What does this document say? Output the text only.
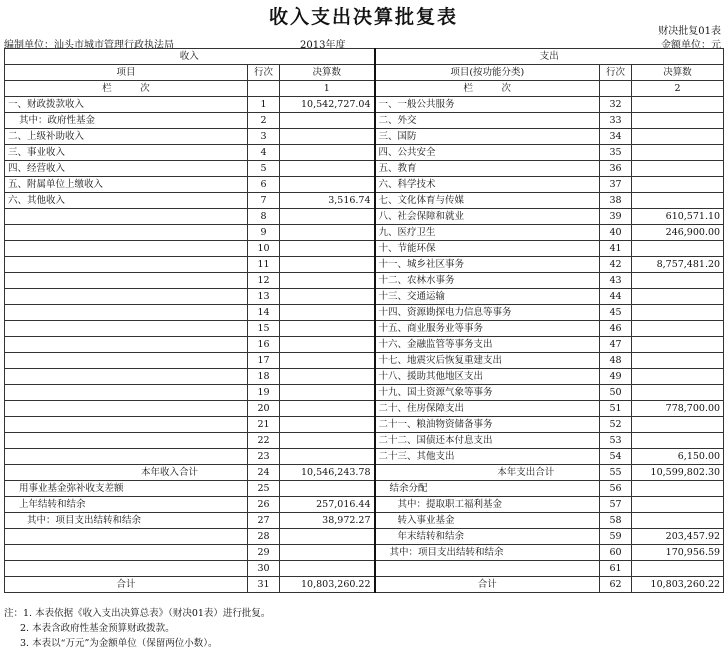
收入支出决算批复表
财决批复01表
金额单位：元
编制单位：汕头市城市管理行政执法局	2013年度
收入			支出		
项目	行次	决算数	项目(按功能分类)	行次	决算数
栏　　　次		1	栏　　　次		2
一、财政拨款收入	1	10,542,727.04	一、一般公共服务	32	
其中：政府性基金	2		二、外交	33	
二、上级补助收入	3		三、国防	34	
三、事业收入	4		四、公共安全	35	
四、经营收入	5		五、教育	36	
五、附属单位上缴收入	6		六、科学技术	37	
六、其他收入	7	3,516.74	七、文化体育与传媒	38	
	8		八、社会保障和就业	39	610,571.10
	9		九、医疗卫生	40	246,900.00
	10		十、节能环保	41	
	11		十一、城乡社区事务	42	8,757,481.20
	12		十二、农林水事务	43	
	13		十三、交通运输	44	
	14		十四、资源勘探电力信息等事务	45	
	15		十五、商业服务业等事务	46	
	16		十六、金融监管等事务支出	47	
	17		十七、地震灾后恢复重建支出	48	
	18		十八、援助其他地区支出	49	
	19		十九、国土资源气象等事务	50	
	20		二十、住房保障支出	51	778,700.00
	21		二十一、粮油物资储备事务	52	
	22		二十二、国债还本付息支出	53	
	23		二十三、其他支出	54	6,150.00
本年收入合计	24	10,546,243.78	本年支出合计	55	10,599,802.30
用事业基金弥补收支差额	25		结余分配	56	
上年结转和结余	26	257,016.44	其中：提取职工福利基金	57	
其中：项目支出结转和结余	27	38,972.27	转入事业基金	58	
	28		年末结转和结余	59	203,457.92
	29		其中：项目支出结转和结余	60	170,956.59
	30			61	
合计	31	10,803,260.22	合计	62	10,803,260.22
注：1. 本表依据《收入支出决算总表》（财决01表）进行批复。
2. 本表含政府性基金预算财政拨款。
3. 本表以“万元”为金额单位（保留两位小数）。
